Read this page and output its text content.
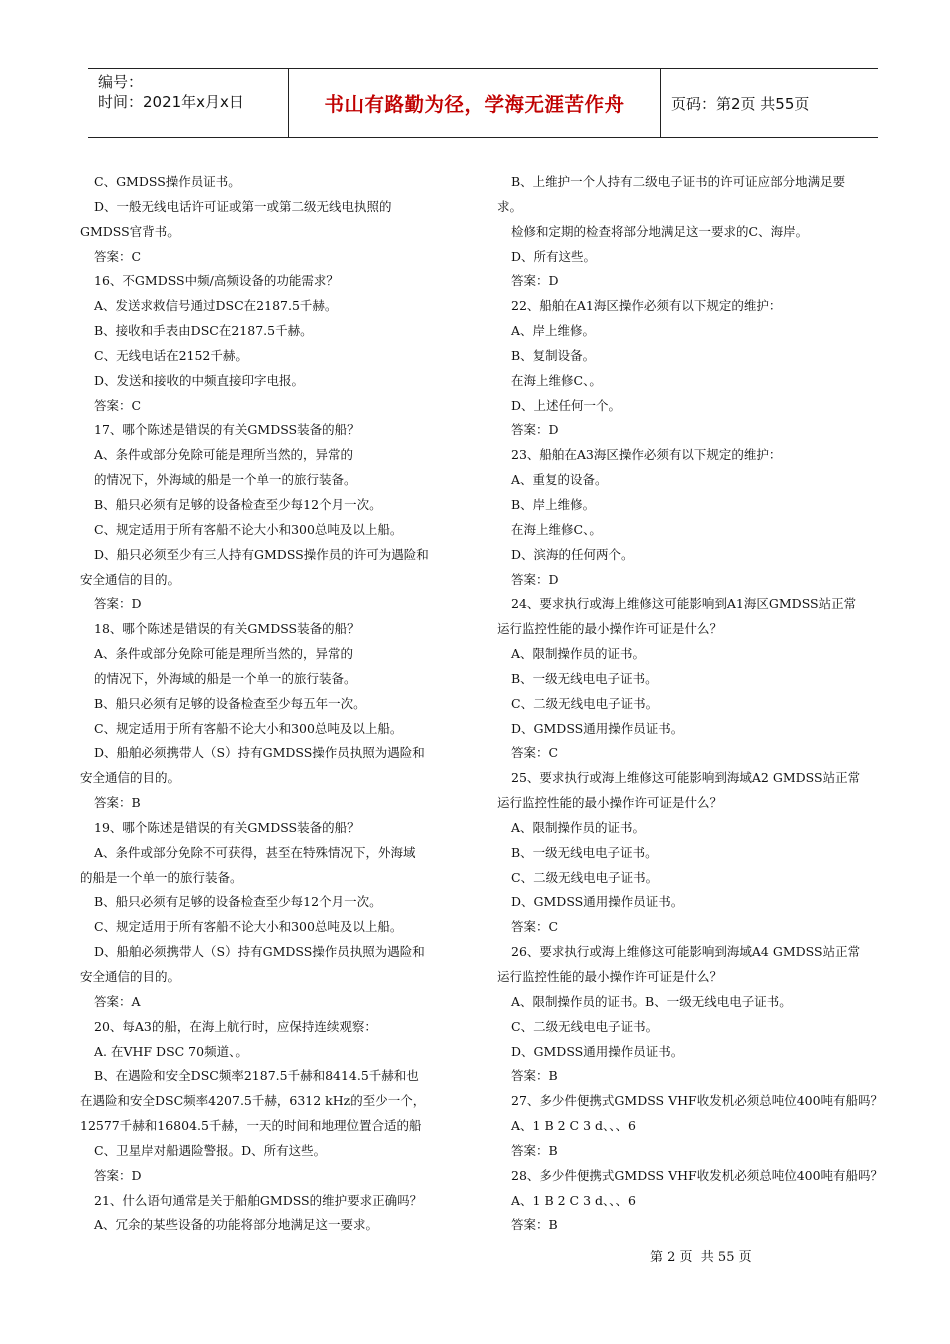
编号：
时间：2021年x月x日	书山有路勤为径，学海无涯苦作舟	页码：第2页 共55页

C、GMDSS操作员证书。

D、一般无线电话许可证或第一或第二级无线电执照的

GMDSS官背书。

答案：C

16、不GMDSS中频/高频设备的功能需求？

A、发送求救信号通过DSC在2187.5千赫。

B、接收和手表由DSC在2187.5千赫。

C、无线电话在2152千赫。

D、发送和接收的中频直接印字电报。

答案：C

17、哪个陈述是错误的有关GMDSS装备的船？

A、条件或部分免除可能是理所当然的，异常的

的情况下，外海域的船是一个单一的旅行装备。

B、船只必须有足够的设备检查至少每12个月一次。

C、规定适用于所有客船不论大小和300总吨及以上船。

D、船只必须至少有三人持有GMDSS操作员的许可为遇险和

安全通信的目的。

答案：D

18、哪个陈述是错误的有关GMDSS装备的船？

A、条件或部分免除可能是理所当然的，异常的

的情况下，外海域的船是一个单一的旅行装备。

B、船只必须有足够的设备检查至少每五年一次。

C、规定适用于所有客船不论大小和300总吨及以上船。

D、船舶必须携带人（S）持有GMDSS操作员执照为遇险和

安全通信的目的。

答案：B

19、哪个陈述是错误的有关GMDSS装备的船？

A、条件或部分免除不可获得，甚至在特殊情况下，外海域

的船是一个单一的旅行装备。

B、船只必须有足够的设备检查至少每12个月一次。

C、规定适用于所有客船不论大小和300总吨及以上船。

D、船舶必须携带人（S）持有GMDSS操作员执照为遇险和

安全通信的目的。

答案：A

20、每A3的船，在海上航行时，应保持连续观察：

A. 在VHF DSC 70频道、。

B、在遇险和安全DSC频率2187.5千赫和8414.5千赫和也

在遇险和安全DSC频率4207.5千赫，6312 kHz的至少一个，

12577千赫和16804.5千赫，一天的时间和地理位置合适的船

C、卫星岸对船遇险警报。D、所有这些。

答案：D

21、什么语句通常是关于船舶GMDSS的维护要求正确吗？

A、冗余的某些设备的功能将部分地满足这一要求。

B、上维护一个人持有二级电子证书的许可证应部分地满足要

求。

检修和定期的检查将部分地满足这一要求的C、海岸。

D、所有这些。

答案：D

22、船舶在A1海区操作必须有以下规定的维护：

A、岸上维修。

B、复制设备。

在海上维修C、。

D、上述任何一个。

答案：D

23、船舶在A3海区操作必须有以下规定的维护：

A、重复的设备。

B、岸上维修。

在海上维修C、。

D、滨海的任何两个。

答案：D

24、要求执行或海上维修这可能影响到A1海区GMDSS站正常

运行监控性能的最小操作许可证是什么？

A、限制操作员的证书。

B、一级无线电电子证书。

C、二级无线电电子证书。

D、GMDSS通用操作员证书。

答案：C

25、要求执行或海上维修这可能影响到海域A2 GMDSS站正常

运行监控性能的最小操作许可证是什么？

A、限制操作员的证书。

B、一级无线电电子证书。

C、二级无线电电子证书。

D、GMDSS通用操作员证书。

答案：C

26、要求执行或海上维修这可能影响到海域A4 GMDSS站正常

运行监控性能的最小操作许可证是什么？

A、限制操作员的证书。B、一级无线电电子证书。

C、二级无线电电子证书。

D、GMDSS通用操作员证书。

答案：B

27、多少件便携式GMDSS VHF收发机必须总吨位400吨有船吗？

A、1 B 2 C 3 d、、、6

答案：B

28、多少件便携式GMDSS VHF收发机必须总吨位400吨有船吗？

A、1 B 2 C 3 d、、、6

答案：B

第 2 页  共 55 页
